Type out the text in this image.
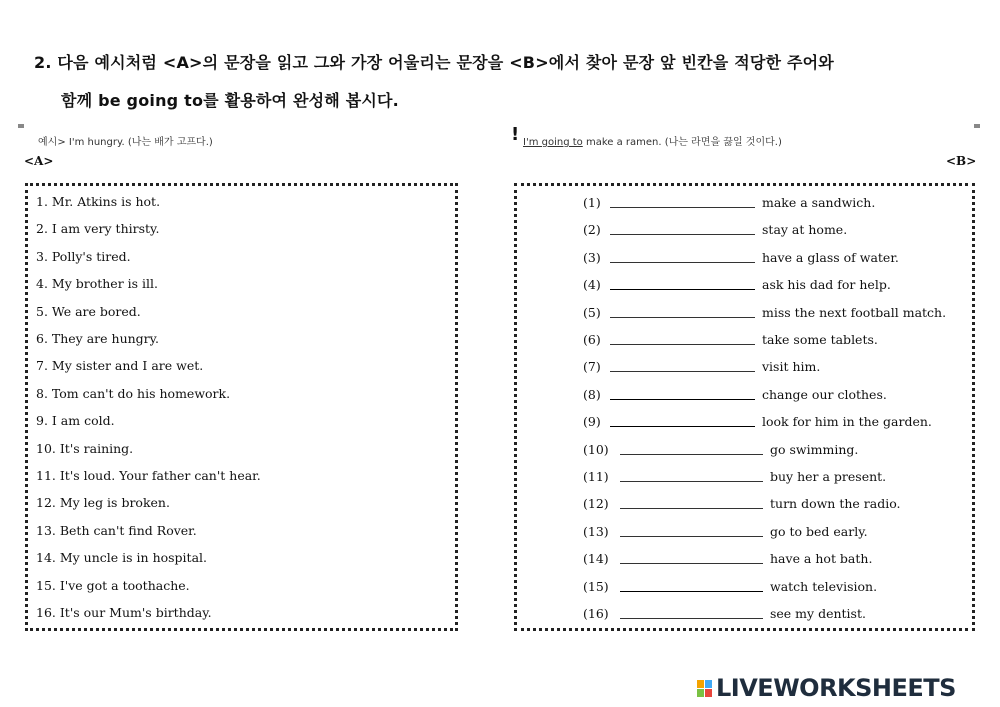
2. 다음 예시처럼 <A>의 문장을 읽고 그와 가장 어울리는 문장을 <B>에서 찾아 문장 앞 빈칸을 적당한 주어와
함께 be going to를 활용하여 완성해 봅시다.
예시> I'm hungry. (나는 배가 고프다.)	! I'm going to make a ramen. (나는 라면을 끓일 것이다.)
<A>	<B>
1. Mr. Atkins is hot.
2. I am very thirsty.
3. Polly's tired.
4. My brother is ill.
5. We are bored.
6. They are hungry.
7. My sister and I are wet.
8. Tom can't do his homework.
9. I am cold.
10. It's raining.
11. It's loud. Your father can't hear.
12. My leg is broken.
13. Beth can't find Rover.
14. My uncle is in hospital.
15. I've got a toothache.
16. It's our Mum's birthday.
(1)	make a sandwich.
(2)	stay at home.
(3)	have a glass of water.
(4)	ask his dad for help.
(5)	miss the next football match.
(6)	take some tablets.
(7)	visit him.
(8)	change our clothes.
(9)	look for him in the garden.
(10)	go swimming.
(11)	buy her a present.
(12)	turn down the radio.
(13)	go to bed early.
(14)	have a hot bath.
(15)	watch television.
(16)	see my dentist.
LIVEWORKSHEETS
